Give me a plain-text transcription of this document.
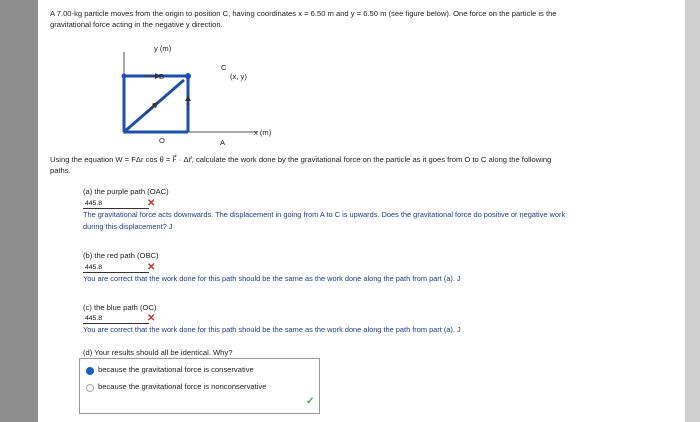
A 7.00-kg particle moves from the origin to position C, having coordinates x = 6.50 m and y = 6.50 m (see figure below). One force on the particle is the
gravitational force acting in the negative y direction.
y (m)
x (m)
B
C
(x, y)
O	A
Using the equation W = FΔr cos θ = F⃗ · Δr⃗, calculate the work done by the gravitational force on the particle as it goes from O to C along the following
paths.
(a) the purple path (OAC)
445.8	✕
The gravitational force acts downwards. The displacement in going from A to C is upwards. Does the gravitational force do positive or negative work
during this displacement? J
(b) the red path (OBC)
445.8	✕
You are correct that the work done for this path should be the same as the work done along the path from part (a). J
(c) the blue path (OC)
445.8	✕
You are correct that the work done for this path should be the same as the work done along the path from part (a). J
(d) Your results should all be identical. Why?
because the gravitational force is conservative
because the gravitational force is nonconservative
✓
